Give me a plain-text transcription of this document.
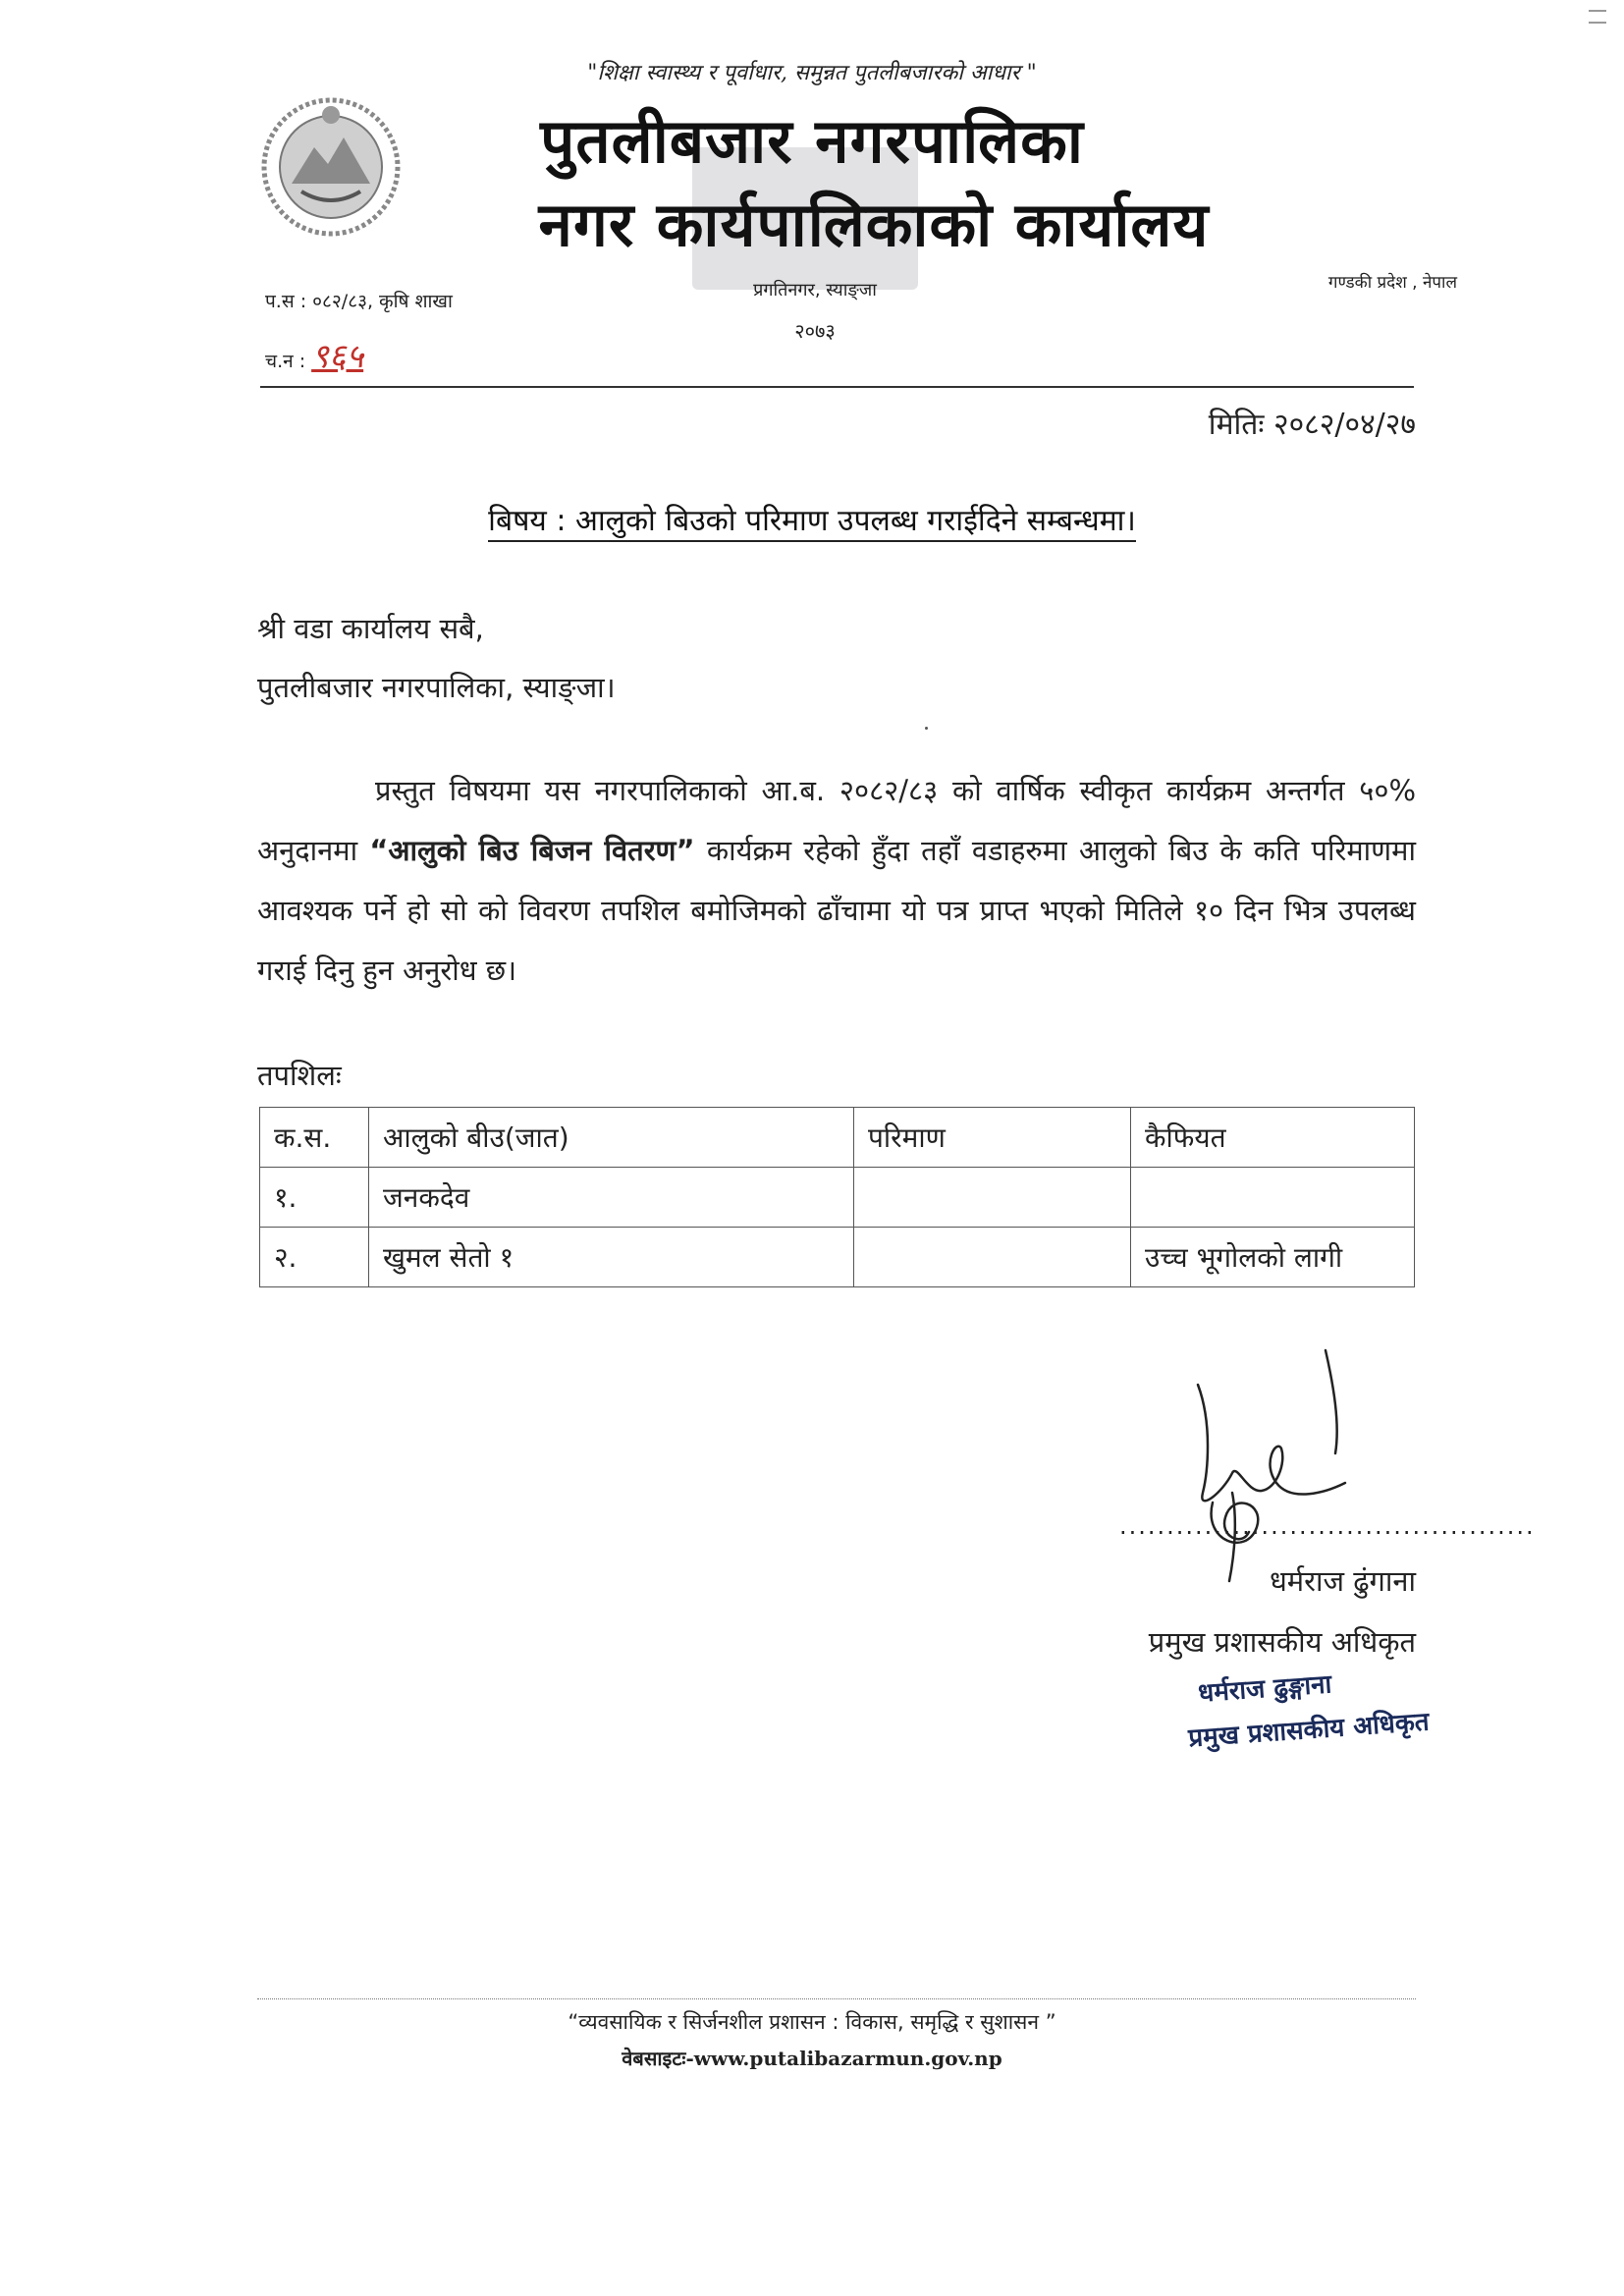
"शिक्षा स्वास्थ्य र पूर्वाधार, समुन्नत पुतलीबजारको आधार "
पुतलीबजार नगरपालिका
नगर कार्यपालिकाको कार्यालय
गण्डकी प्रदेश , नेपाल
प.स : ०८२/८३, कृषि शाखा
च.न : ९६५
प्रगतिनगर, स्याङ्जा
२०७३
मितिः २०८२/०४/२७
बिषय : आलुको बिउको परिमाण उपलब्ध गराईदिने सम्बन्धमा।
श्री वडा कार्यालय सबै,
पुतलीबजार नगरपालिका, स्याङ्जा।
प्रस्तुत विषयमा यस नगरपालिकाको आ.ब. २०८२/८३ को वार्षिक स्वीकृत कार्यक्रम अन्तर्गत ५०% अनुदानमा “आलुको बिउ बिजन वितरण” कार्यक्रम रहेको हुँदा तहाँ वडाहरुमा आलुको बिउ के कति परिमाणमा आवश्यक पर्ने हो सो को विवरण तपशिल बमोजिमको ढाँचामा यो पत्र प्राप्त भएको मितिले १० दिन भित्र उपलब्ध गराई दिनु हुन अनुरोध छ।
तपशिलः
क.स.	आलुको बीउ(जात)	परिमाण	कैफियत
१.	जनकदेव		
२.	खुमल सेतो १		उच्च भूगोलको लागी
............................................
धर्मराज ढुंगाना
प्रमुख प्रशासकीय अधिकृत
धर्मराज ढुङ्गाना
प्रमुख प्रशासकीय अधिकृत
“व्यवसायिक र सिर्जनशील प्रशासन : विकास, समृद्धि र सुशासन ”
वेबसाइटः-www.putalibazarmun.gov.np
